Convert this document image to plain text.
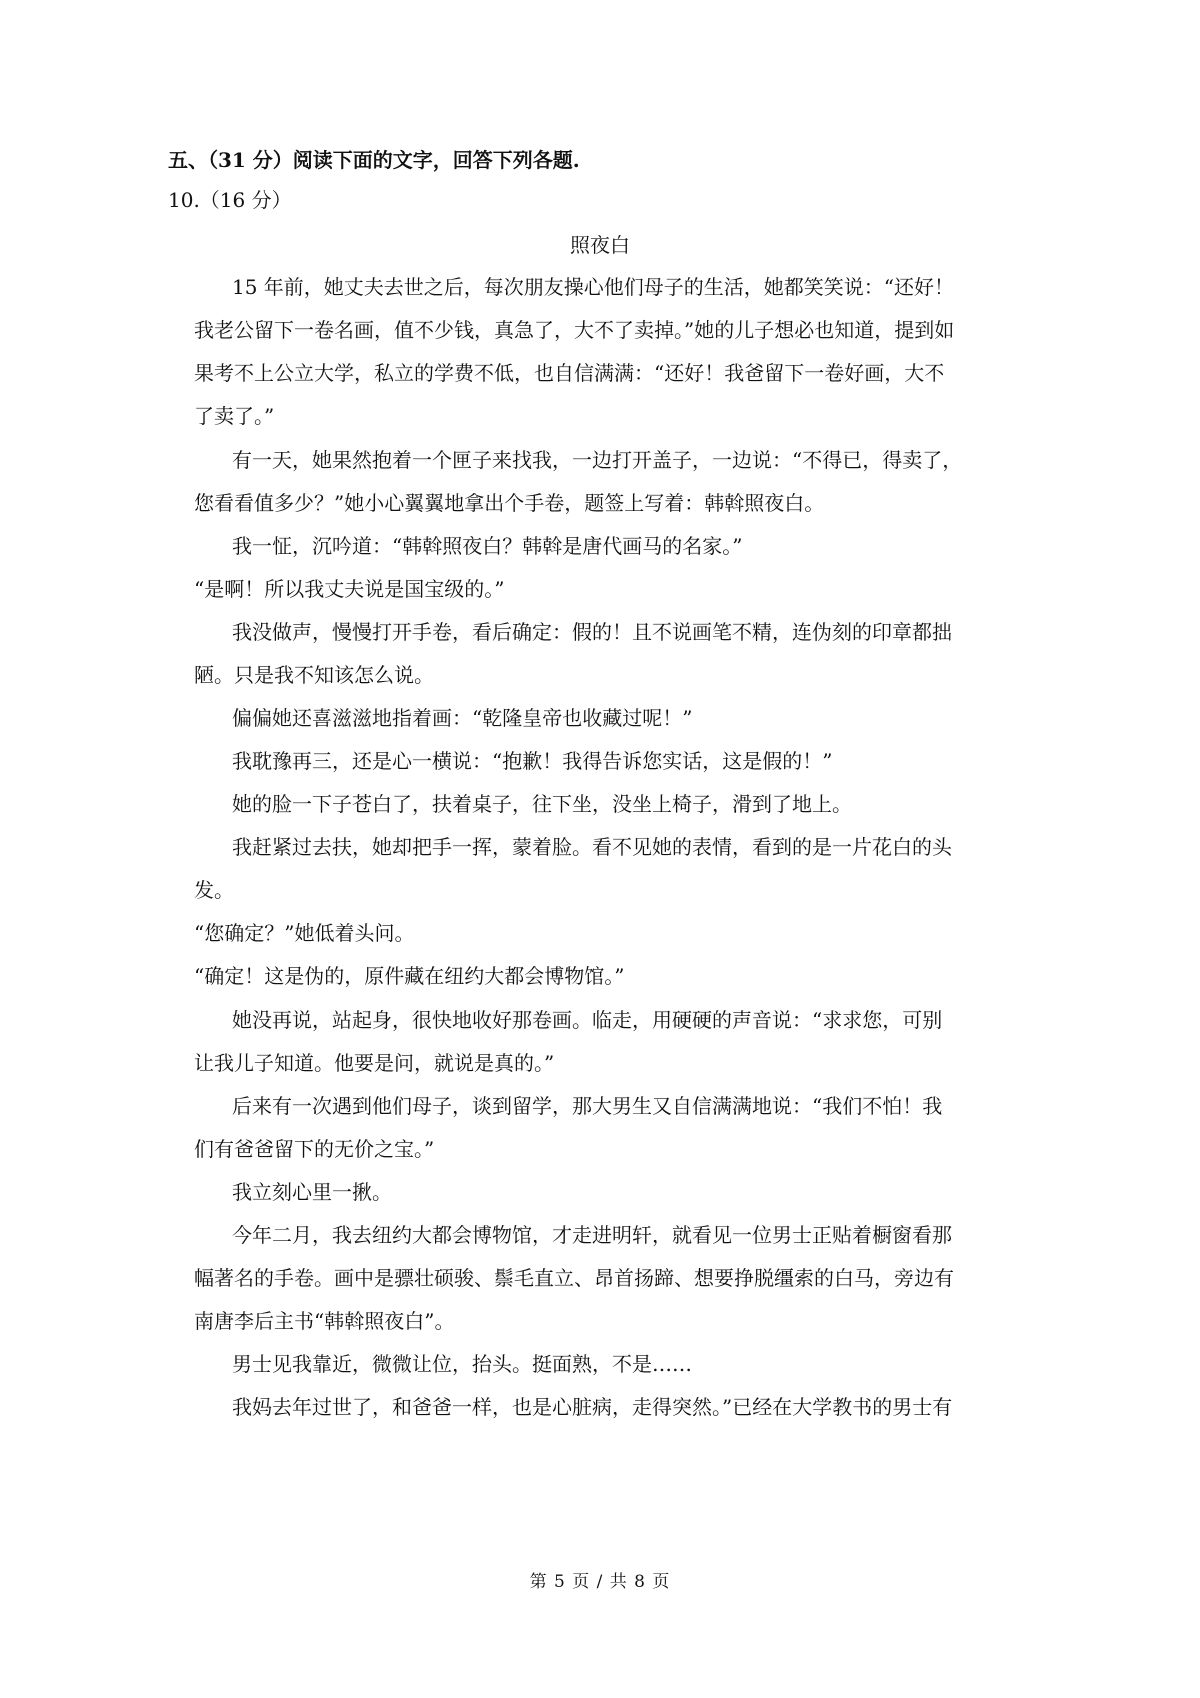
五、（31 分）阅读下面的文字，回答下列各题.
10.（16 分）
照夜白
15 年前，她丈夫去世之后，每次朋友操心他们母子的生活，她都笑笑说：“还好！
我老公留下一卷名画，值不少钱，真急了，大不了卖掉。”她的儿子想必也知道，提到如
果考不上公立大学，私立的学费不低，也自信满满：“还好！我爸留下一卷好画，大不
了卖了。”
有一天，她果然抱着一个匣子来找我，一边打开盖子，一边说：“不得已，得卖了，
您看看值多少？”她小心翼翼地拿出个手卷，题签上写着：韩斡照夜白。
我一怔，沉吟道：“韩斡照夜白？韩斡是唐代画马的名家。”
“是啊！所以我丈夫说是国宝级的。”
我没做声，慢慢打开手卷，看后确定：假的！且不说画笔不精，连伪刻的印章都拙
陋。只是我不知该怎么说。
偏偏她还喜滋滋地指着画：“乾隆皇帝也收藏过呢！”
我耽豫再三，还是心一横说：“抱歉！我得告诉您实话，这是假的！”
她的脸一下子苍白了，扶着桌子，往下坐，没坐上椅子，滑到了地上。
我赶紧过去扶，她却把手一挥，蒙着脸。看不见她的表情，看到的是一片花白的头
发。
“您确定？”她低着头问。
“确定！这是伪的，原件藏在纽约大都会博物馆。”
她没再说，站起身，很快地收好那卷画。临走，用硬硬的声音说：“求求您，可别
让我儿子知道。他要是问，就说是真的。”
后来有一次遇到他们母子，谈到留学，那大男生又自信满满地说：“我们不怕！我
们有爸爸留下的无价之宝。”
我立刻心里一揪。
今年二月，我去纽约大都会博物馆，才走进明轩，就看见一位男士正贴着橱窗看那
幅著名的手卷。画中是骠壮硕骏、鬃毛直立、昂首扬蹄、想要挣脱缰索的白马，旁边有
南唐李后主书“韩斡照夜白”。
男士见我靠近，微微让位，抬头。挺面熟，不是……
我妈去年过世了，和爸爸一样，也是心脏病，走得突然。”已经在大学教书的男士有
第 5 页 / 共 8 页
